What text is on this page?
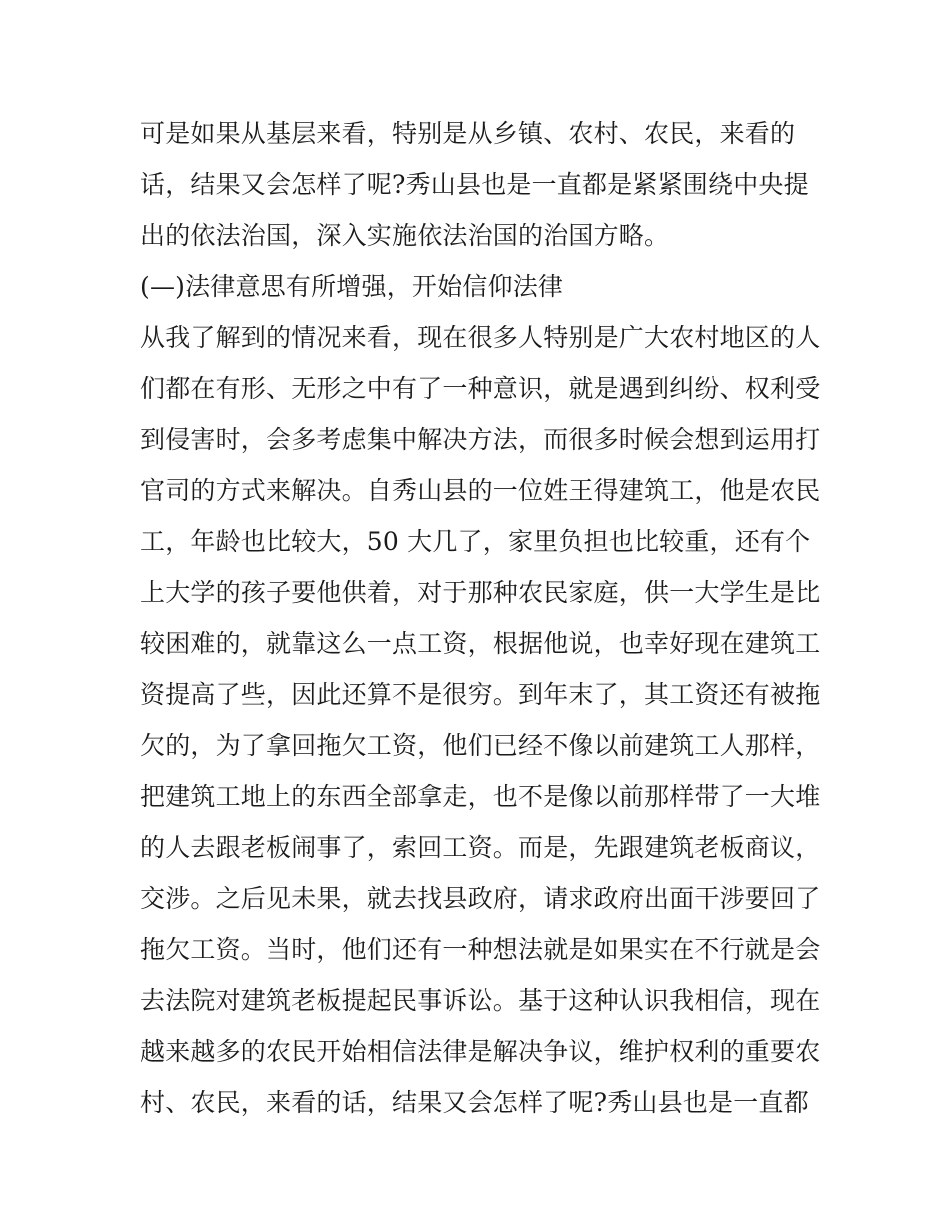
可是如果从基层来看，特别是从乡镇、农村、农民，来看的
话，结果又会怎样了呢?秀山县也是一直都是紧紧围绕中央提
出的依法治国，深入实施依法治国的治国方略。
(—)法律意思有所增强，开始信仰法律
从我了解到的情况来看，现在很多人特别是广大农村地区的人
们都在有形、无形之中有了一种意识，就是遇到纠纷、权利受
到侵害时，会多考虑集中解决方法，而很多时候会想到运用打
官司的方式来解决。自秀山县的一位姓王得建筑工，他是农民
工，年龄也比较大，50 大几了，家里负担也比较重，还有个
上大学的孩子要他供着，对于那种农民家庭，供一大学生是比
较困难的，就靠这么一点工资，根据他说，也幸好现在建筑工
资提高了些，因此还算不是很穷。到年末了，其工资还有被拖
欠的，为了拿回拖欠工资，他们已经不像以前建筑工人那样，
把建筑工地上的东西全部拿走，也不是像以前那样带了一大堆
的人去跟老板闹事了，索回工资。而是，先跟建筑老板商议，
交涉。之后见未果，就去找县政府，请求政府出面干涉要回了
拖欠工资。当时，他们还有一种想法就是如果实在不行就是会
去法院对建筑老板提起民事诉讼。基于这种认识我相信，现在
越来越多的农民开始相信法律是解决争议，维护权利的重要农
村、农民，来看的话，结果又会怎样了呢?秀山县也是一直都
